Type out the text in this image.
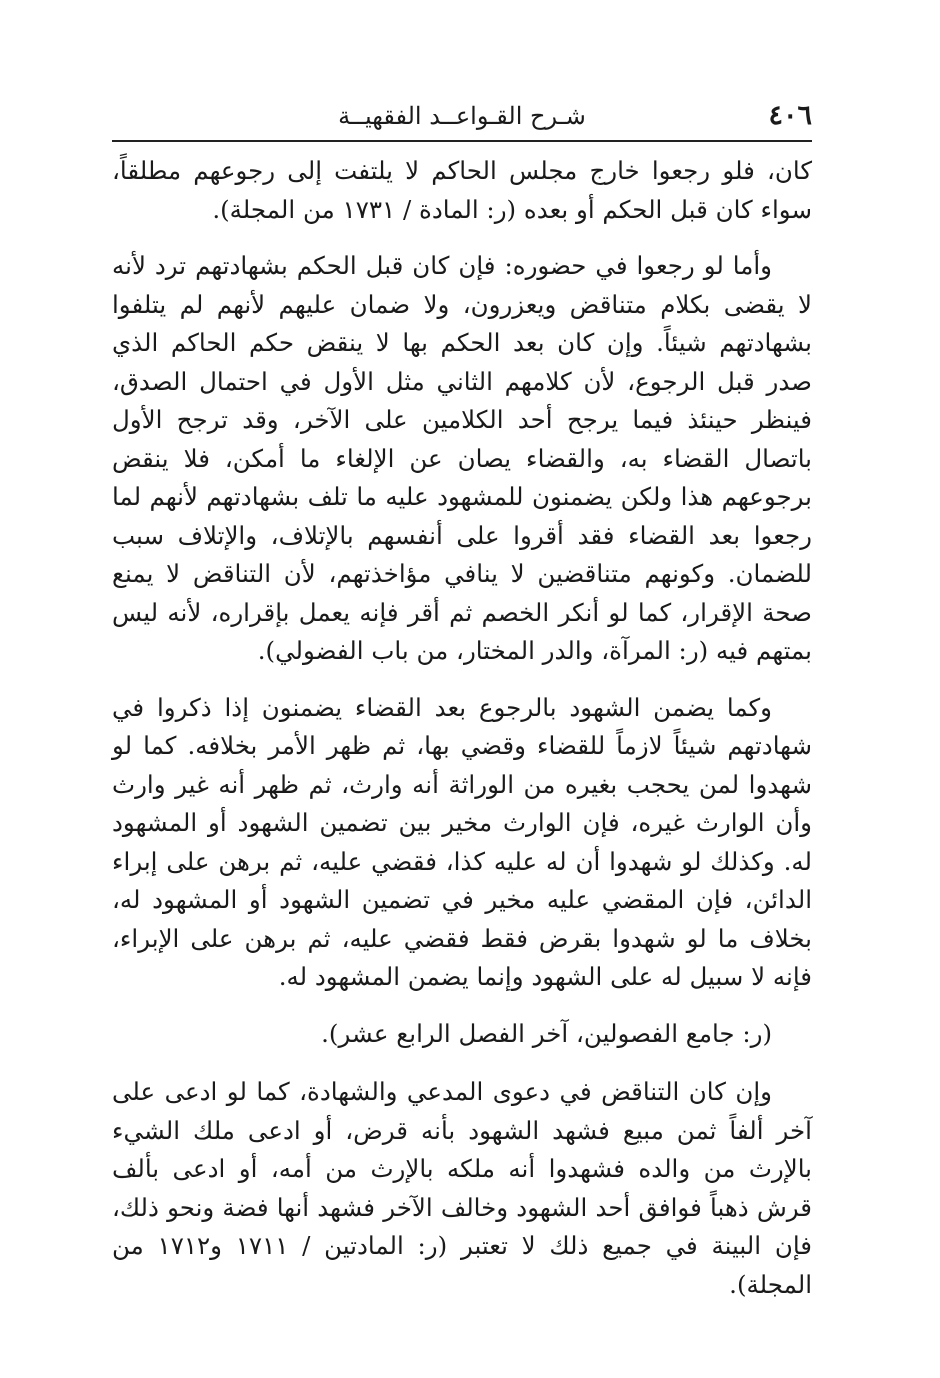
٤٠٦
شـرح القـواعــد الفقهيــة

كان، فلو رجعوا خارج مجلس الحاكم لا يلتفت إلى رجوعهم مطلقاً، سواء كان قبل الحكم أو بعده (ر: المادة / ١٧٣١ من المجلة).

وأما لو رجعوا في حضوره: فإن كان قبل الحكم بشهادتهم ترد لأنه لا يقضى بكلام متناقض ويعزرون، ولا ضمان عليهم لأنهم لم يتلفوا بشهادتهم شيئاً. وإن كان بعد الحكم بها لا ينقض حكم الحاكم الذي صدر قبل الرجوع، لأن كلامهم الثاني مثل الأول في احتمال الصدق، فينظر حينئذ فيما يرجح أحد الكلامين على الآخر، وقد ترجح الأول باتصال القضاء به، والقضاء يصان عن الإلغاء ما أمكن، فلا ينقض برجوعهم هذا ولكن يضمنون للمشهود عليه ما تلف بشهادتهم لأنهم لما رجعوا بعد القضاء فقد أقروا على أنفسهم بالإتلاف، والإتلاف سبب للضمان. وكونهم متناقضين لا ينافي مؤاخذتهم، لأن التناقض لا يمنع صحة الإقرار، كما لو أنكر الخصم ثم أقر فإنه يعمل بإقراره، لأنه ليس بمتهم فيه (ر: المرآة، والدر المختار، من باب الفضولي).

وكما يضمن الشهود بالرجوع بعد القضاء يضمنون إذا ذكروا في شهادتهم شيئاً لازماً للقضاء وقضي بها، ثم ظهر الأمر بخلافه. كما لو شهدوا لمن يحجب بغيره من الوراثة أنه وارث، ثم ظهر أنه غير وارث وأن الوارث غيره، فإن الوارث مخير بين تضمين الشهود أو المشهود له. وكذلك لو شهدوا أن له عليه كذا، فقضي عليه، ثم برهن على إبراء الدائن، فإن المقضي عليه مخير في تضمين الشهود أو المشهود له، بخلاف ما لو شهدوا بقرض فقط فقضي عليه، ثم برهن على الإبراء، فإنه لا سبيل له على الشهود وإنما يضمن المشهود له.

(ر: جامع الفصولين، آخر الفصل الرابع عشر).

وإن كان التناقض في دعوى المدعي والشهادة، كما لو ادعى على آخر ألفاً ثمن مبيع فشهد الشهود بأنه قرض، أو ادعى ملك الشيء بالإرث من والده فشهدوا أنه ملكه بالإرث من أمه، أو ادعى بألف قرش ذهباً فوافق أحد الشهود وخالف الآخر فشهد أنها فضة ونحو ذلك، فإن البينة في جميع ذلك لا تعتبر (ر: المادتين / ١٧١١ و١٧١٢ من المجلة).
